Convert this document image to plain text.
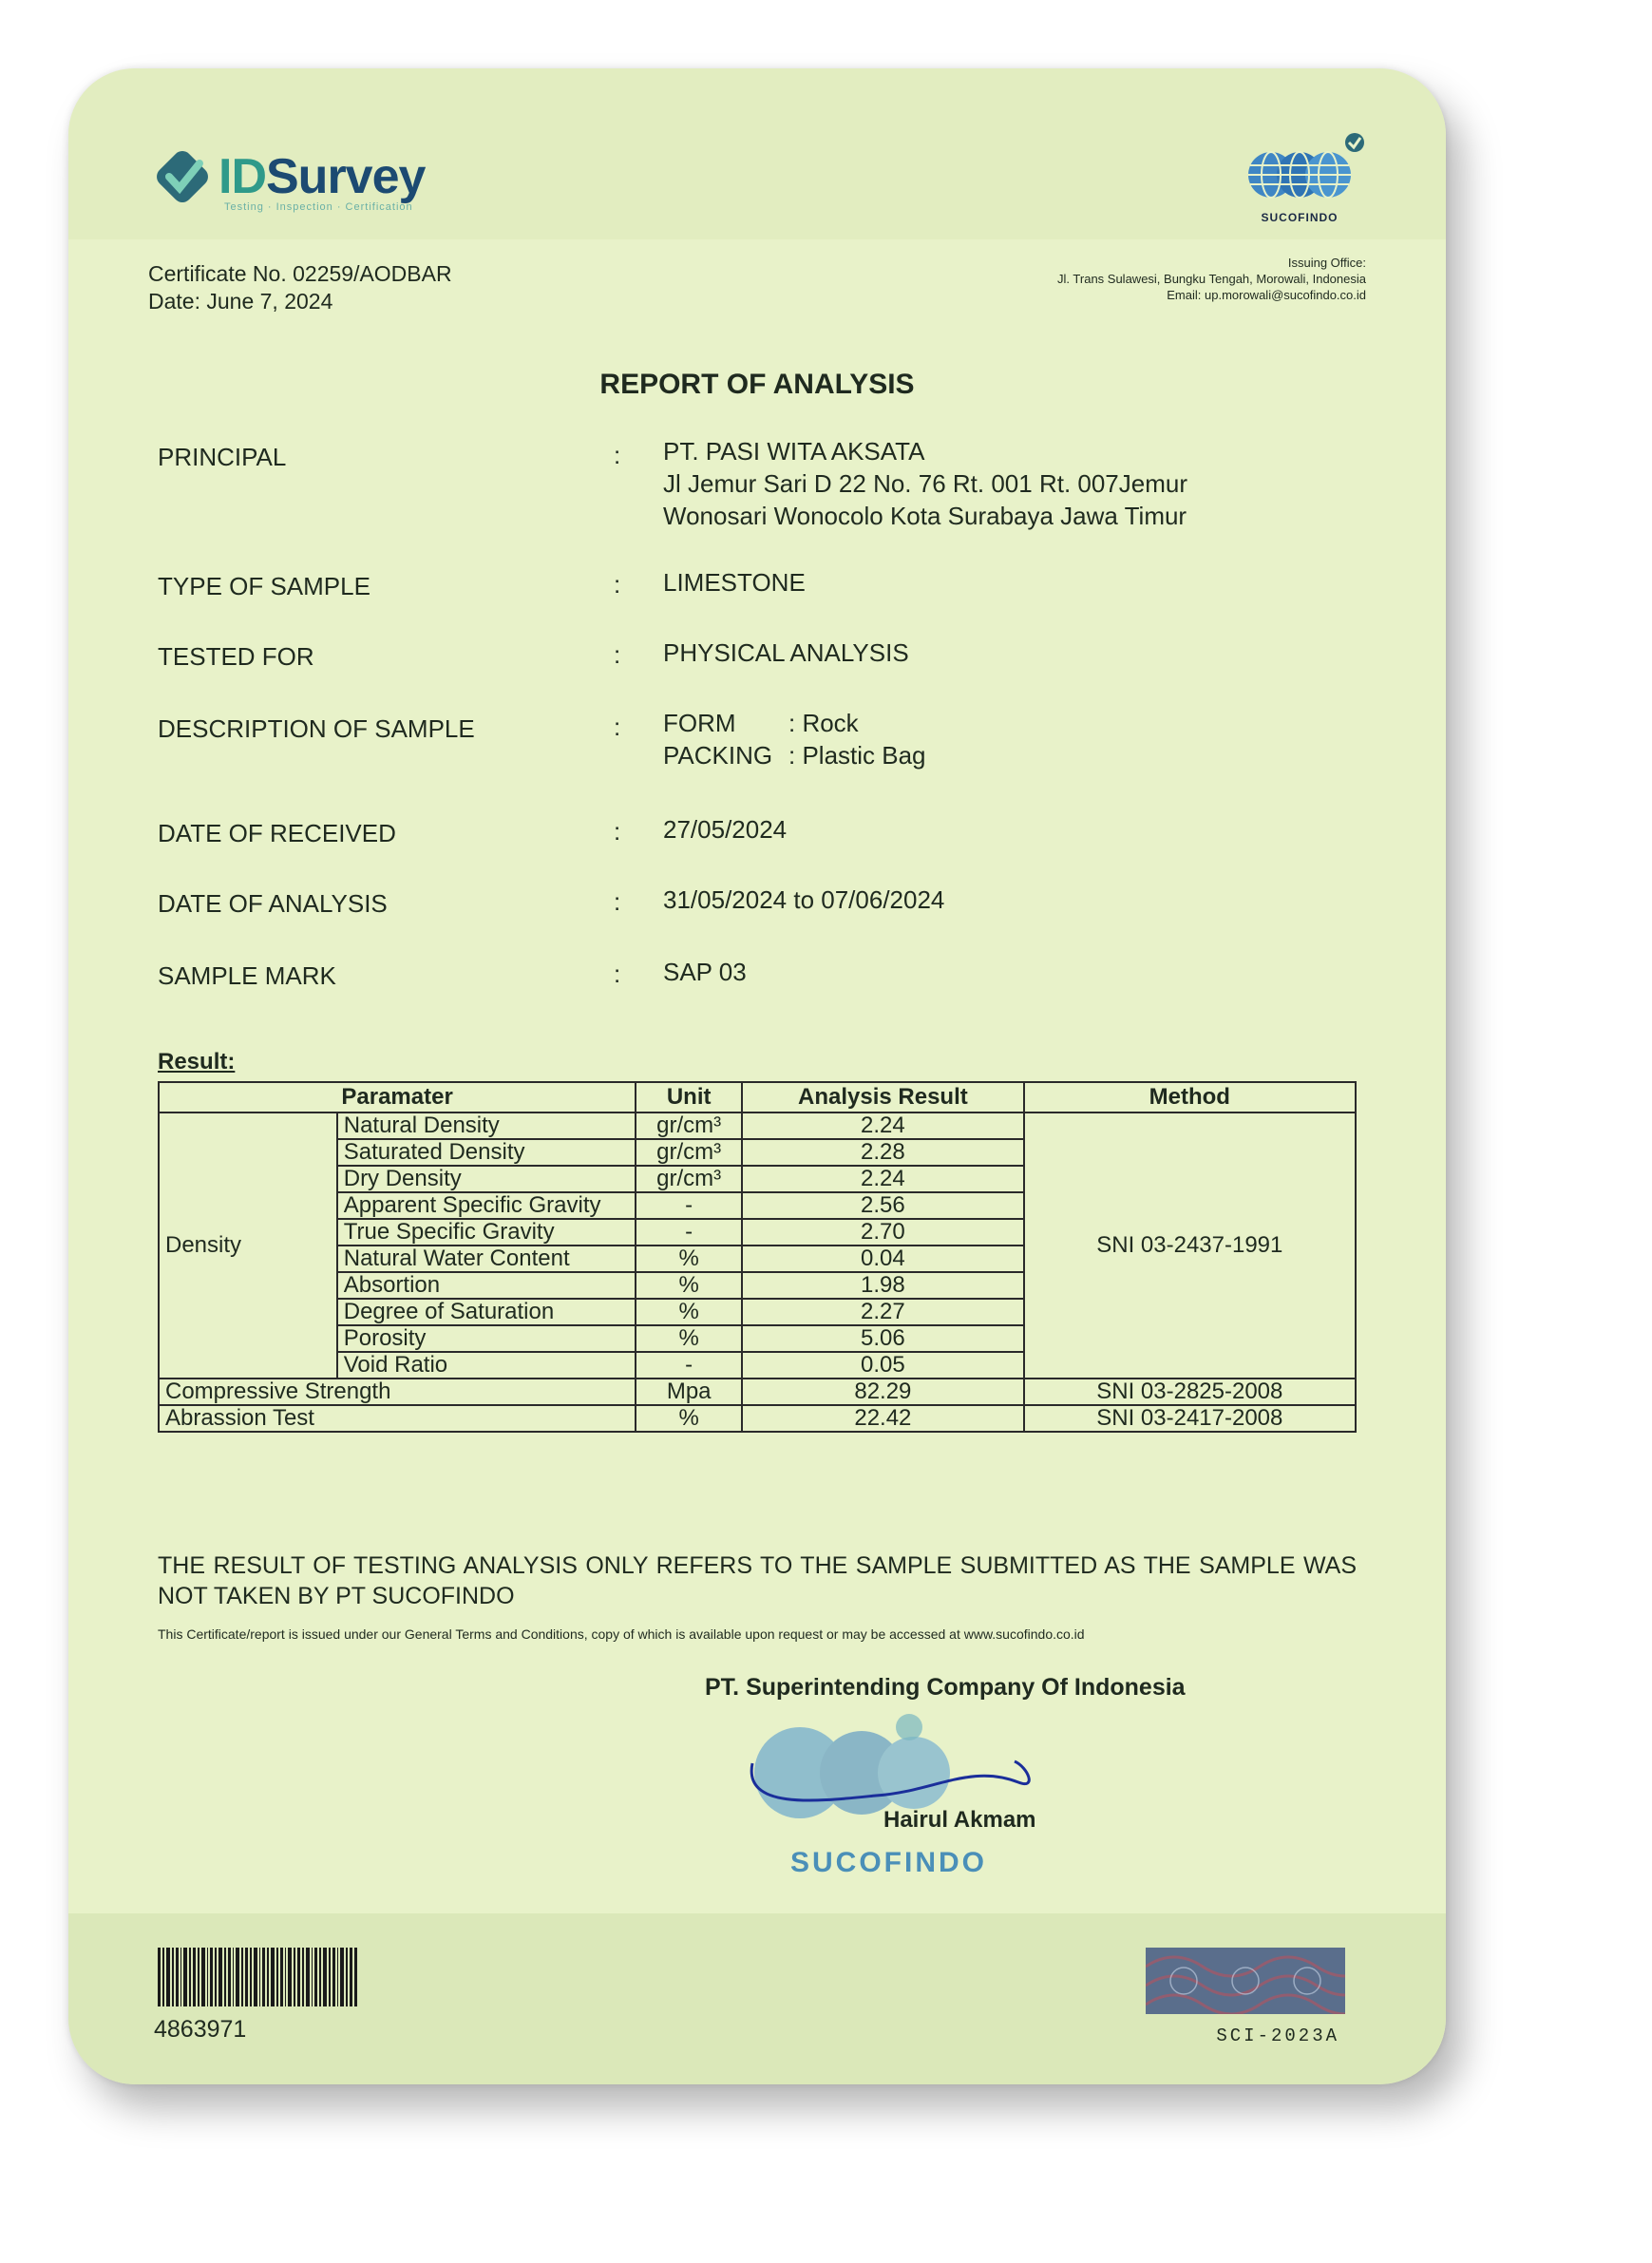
IDSurvey
Testing · Inspection · Certification
SUCOFINDO
Certificate No. 02259/AODBAR
Date: June 7, 2024
Issuing Office:
Jl. Trans Sulawesi, Bungku Tengah, Morowali, Indonesia
Email: up.morowali@sucofindo.co.id
REPORT OF ANALYSIS
PRINCIPAL	: PT. PASI WITA AKSATA
Jl Jemur Sari D 22 No. 76 Rt. 001 Rt. 007Jemur
Wonosari Wonocolo Kota Surabaya Jawa Timur
TYPE OF SAMPLE	: LIMESTONE
TESTED FOR	: PHYSICAL ANALYSIS
DESCRIPTION OF SAMPLE	: FORM : Rock
PACKING : Plastic Bag
DATE OF RECEIVED	: 27/05/2024
DATE OF ANALYSIS	: 31/05/2024 to 07/06/2024
SAMPLE MARK	: SAP 03
Result:
Paramater		Unit	Analysis Result	Method
Density	Natural Density	gr/cm³	2.24	SNI 03-2437-1991
	Saturated Density	gr/cm³	2.28	
	Dry Density	gr/cm³	2.24	
	Apparent Specific Gravity	-	2.56	
	True Specific Gravity	-	2.70	
	Natural Water Content	%	0.04	
	Absortion	%	1.98	
	Degree of Saturation	%	2.27	
	Porosity	%	5.06	
	Void Ratio	-	0.05	
Compressive Strength		Mpa	82.29	SNI 03-2825-2008
Abrassion Test		%	22.42	SNI 03-2417-2008
THE RESULT OF TESTING ANALYSIS ONLY REFERS TO THE SAMPLE SUBMITTED AS THE SAMPLE WAS NOT TAKEN BY PT SUCOFINDO
This Certificate/report is issued under our General Terms and Conditions, copy of which is available upon request or may be accessed at www.sucofindo.co.id
PT. Superintending Company Of Indonesia
Hairul Akmam
SUCOFINDO
4863971	SCI-2023A
